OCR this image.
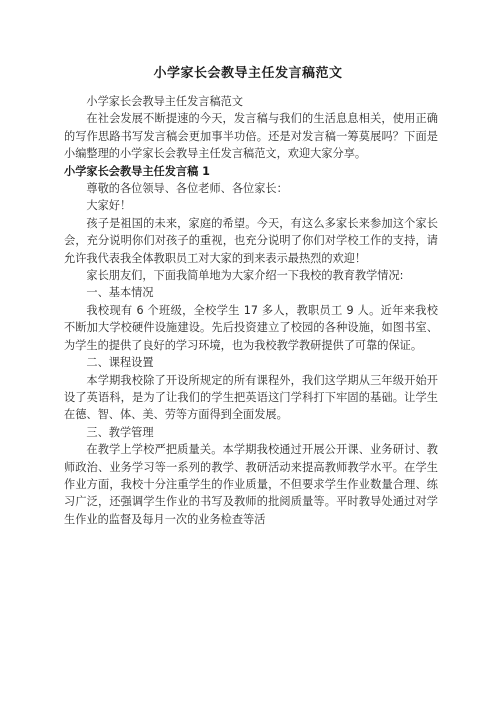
小学家长会教导主任发言稿范文

小学家长会教导主任发言稿范文

在社会发展不断提速的今天，发言稿与我们的生活息息相关，使用正确的写作思路书写发言稿会更加事半功倍。还是对发言稿一筹莫展吗？下面是小编整理的小学家长会教导主任发言稿范文，欢迎大家分享。

小学家长会教导主任发言稿 1

尊敬的各位领导、各位老师、各位家长：

大家好！

孩子是祖国的未来，家庭的希望。今天，有这么多家长来参加这个家长会，充分说明你们对孩子的重视，也充分说明了你们对学校工作的支持，请允许我代表我全体教职员工对大家的到来表示最热烈的欢迎！

家长朋友们，下面我简单地为大家介绍一下我校的教育教学情况:

一、基本情况

我校现有 6 个班级，全校学生 17 多人，教职员工 9 人。近年来我校不断加大学校硬件设施建设。先后投资建立了校园的各种设施，如图书室、为学生的提供了良好的学习环境，也为我校教学教研提供了可靠的保证。

二、课程设置

本学期我校除了开设所规定的所有课程外，我们这学期从三年级开始开设了英语科，是为了让我们的学生把英语这门学科打下牢固的基础。让学生在德、智、体、美、劳等方面得到全面发展。

三、教学管理

在教学上学校严把质量关。本学期我校通过开展公开课、业务研讨、教师政治、业务学习等一系列的教学、教研活动来提高教师教学水平。在学生作业方面，我校十分注重学生的作业质量，不但要求学生作业数量合理、练习广泛，还强调学生作业的书写及教师的批阅质量等。平时教导处通过对学生作业的监督及每月一次的业务检查等活
